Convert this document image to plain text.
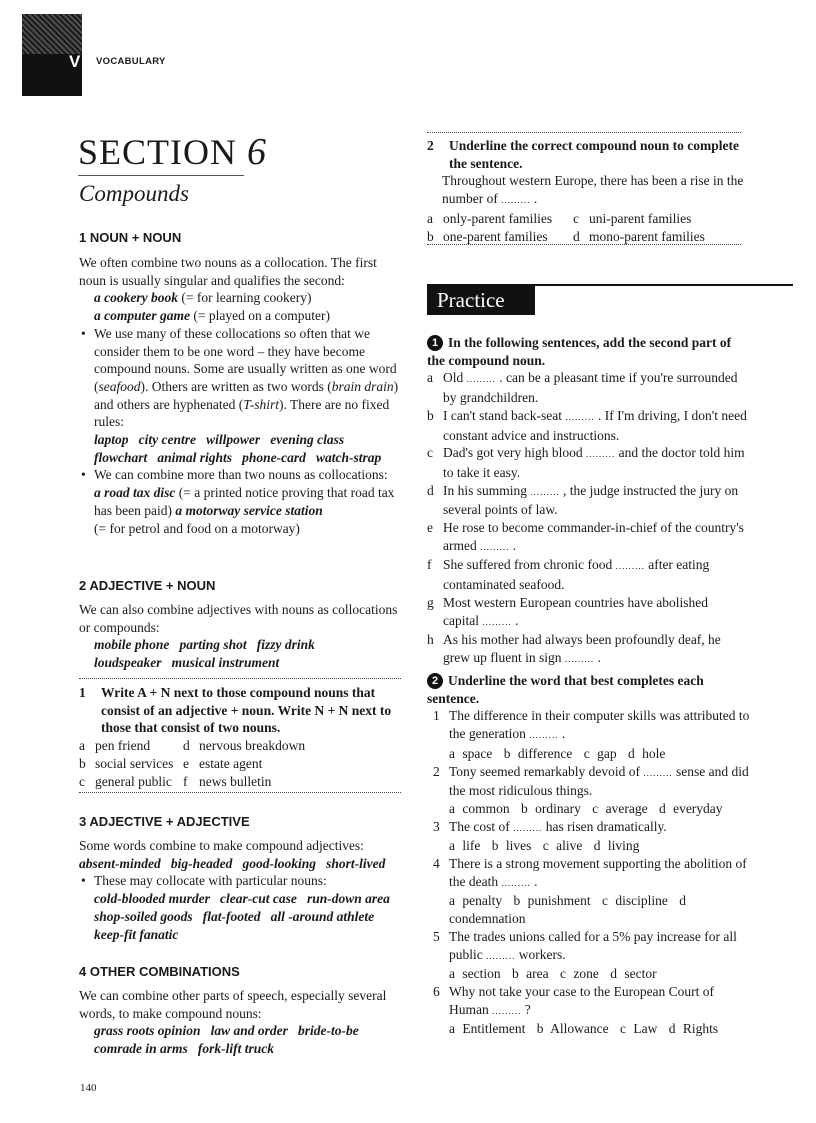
V VOCABULARY
SECTION 6
Compounds
1 NOUN + NOUN
We often combine two nouns as a collocation. The first noun is usually singular and qualifies the second:
a cookery book (= for learning cookery)
a computer game (= played on a computer)
• We use many of these collocations so often that we consider them to be one word – they have become compound nouns. Some are usually written as one word (seafood). Others are written as two words (brain drain) and others are hyphenated (T-shirt). There are no fixed rules:
laptop   city centre   willpower   evening class
flowchart   animal rights   phone-card   watch-strap
• We can combine more than two nouns as collocations:
a road tax disc (= a printed notice proving that road tax has been paid) a motorway service station
(= for petrol and food on a motorway)
2 ADJECTIVE + NOUN
We can also combine adjectives with nouns as collocations or compounds:
mobile phone   parting shot   fizzy drink
loudspeaker   musical instrument
1 Write A + N next to those compound nouns that consist of an adjective + noun. Write N + N next to those that consist of two nouns.
a pen friend	d nervous breakdown
b social services e estate agent
c general public f news bulletin
3 ADJECTIVE + ADJECTIVE
Some words combine to make compound adjectives:
absent-minded   big-headed   good-looking   short-lived
• These may collocate with particular nouns:
cold-blooded murder   clear-cut case   run-down area
shop-soiled goods   flat-footed   all -around athlete
keep-fit fanatic
4 OTHER COMBINATIONS
We can combine other parts of speech, especially several words, to make compound nouns:
grass roots opinion   law and order   bride-to-be
comrade in arms   fork-lift truck
140
2 Underline the correct compound noun to complete the sentence.
Throughout western Europe, there has been a rise in the number of ......... .
a only-parent families	c uni-parent families
b one-parent families	d mono-parent families
Practice
1 In the following sentences, add the second part of the compound noun.
a Old ......... . can be a pleasant time if you're surrounded by grandchildren.
b I can't stand back-seat ......... . If I'm driving, I don't need constant advice and instructions.
c Dad's got very high blood ......... and the doctor told him to take it easy.
d In his summing ......... , the judge instructed the jury on several points of law.
e He rose to become commander-in-chief of the country's armed ......... .
f She suffered from chronic food ......... after eating contaminated seafood.
g Most western European countries have abolished capital ......... .
h As his mother had always been profoundly deaf, he grew up fluent in sign ......... .
2 Underline the word that best completes each sentence.
1 The difference in their computer skills was attributed to the generation ......... .
a space b difference c gap d hole
2 Tony seemed remarkably devoid of ......... sense and did the most ridiculous things.
a common b ordinary c average d everyday
3 The cost of ......... has risen dramatically.
a life b lives c alive d living
4 There is a strong movement supporting the abolition of the death ......... .
a penalty b punishment c discipline d condemnation
5 The trades unions called for a 5% pay increase for all public ......... workers.
a section b area c zone d sector
6 Why not take your case to the European Court of Human ......... ?
a Entitlement b Allowance c Law d Rights
